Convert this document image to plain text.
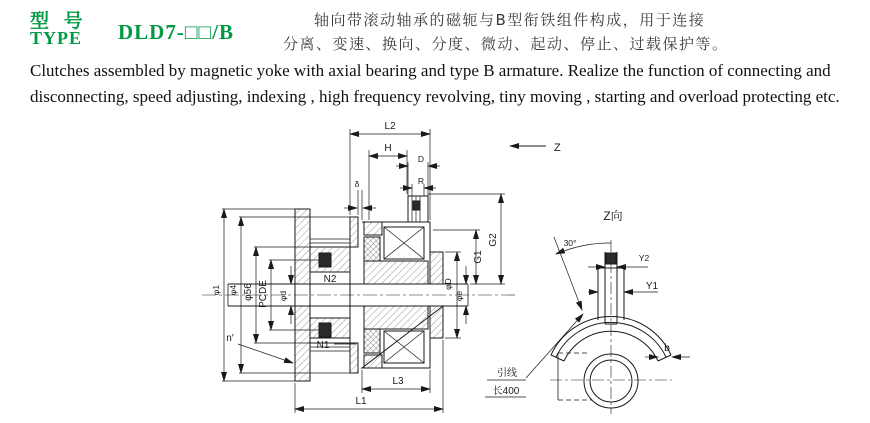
型 号
TYPE DLD7-□□/B	轴向带滚动轴承的磁轭与B型衔铁组件构成，用于连接
分离、变速、换向、分度、微动、起动、停止、过载保护等。
Clutches assembled by magnetic yoke with axial bearing and type B armature. Realize the function of connecting and
disconnecting, speed adjusting, indexing , high frequency revolving, tiny moving , starting and overload protecting etc.
L2
H
D
R
δ
G1
G2
φD
φe
φ1 φ4 φ56 PCDE φd
N2
N1
L3
L1
n′
Z
Z向
Y2
Y1
b
30°
引线
长400
